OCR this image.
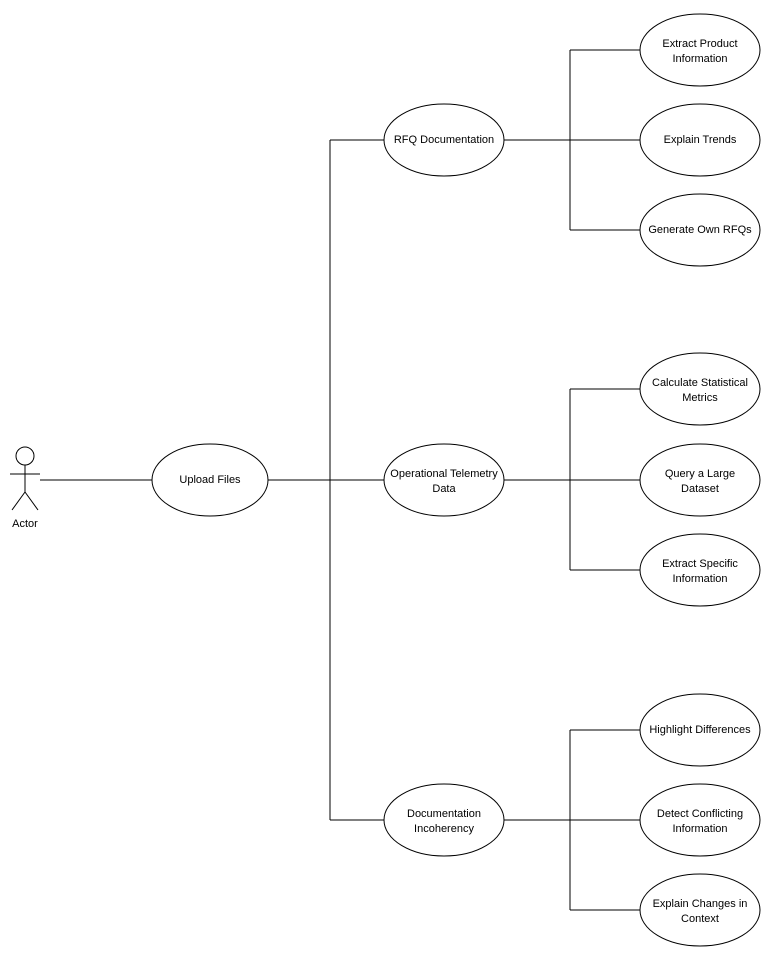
Actor
Upload Files
RFQ Documentation
Operational Telemetry
Data
Documentation
Incoherency
Extract Product
Information
Explain Trends
Generate Own RFQs
Calculate Statistical
Metrics
Query a Large
Dataset
Extract Specific
Information
Highlight Differences
Detect Conflicting
Information
Explain Changes in
Context
